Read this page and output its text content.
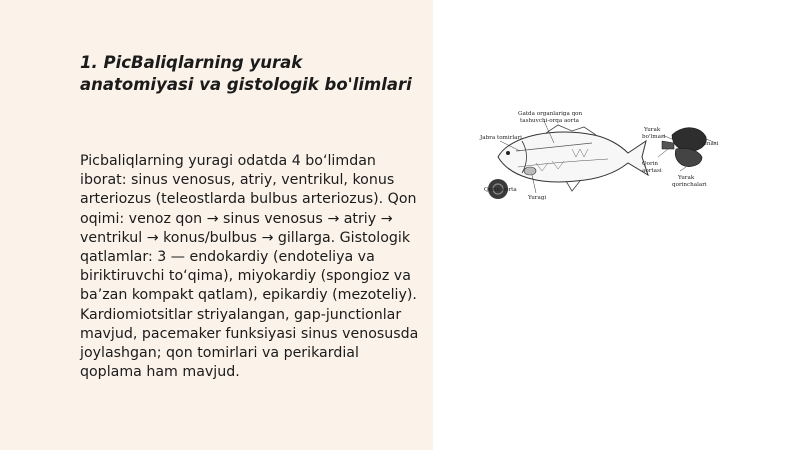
1. PicBaliqlarning yurak anatomiyasi va gistologik bo'limlari

Picbaliqlarning yuragi odatda 4 bo‘limdan iborat: sinus venosus, atriy, ventrikul, konus arteriozus (teleostlarda bulbus arteriozus). Qon oqimi: venoz qon → sinus venosus → atriy → ventrikul → konus/bulbus → gillarga. Gistologik qatlamlar: 3 — endokardiy (endoteliya va biriktiruvchi to‘qima), miyokardiy (spongioz va ba’zan kompakt qatlam), epikardiy (mezoteliy). Kardiomiotsitlar striyalangan, gap-junctionlar mavjud, pacemaker funksiyasi sinus venosusda joylashgan; qon tomirlari va perikardial qoplama ham mavjud.

Gatda organlariga qon
tashuvchi-orqa aorta
Jabra tomirlari
Qorin aorta
Yuragi
Yurak
bo'lmasi
Venasi
Qorin
aortasi
Yurak
qorinchalari
